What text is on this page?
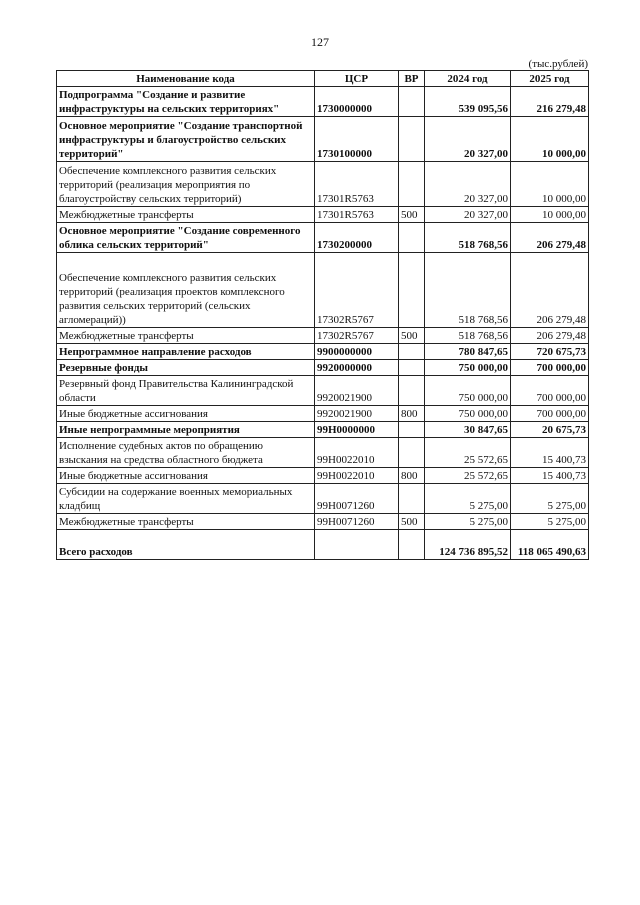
127
(тыс.рублей)
Наименование кода	ЦСР	ВР	2024 год	2025 год
Подпрограмма "Создание и развитие инфраструктуры на сельских территориях"	1730000000		539 095,56	216 279,48
Основное мероприятие "Создание транспортной инфраструктуры и благоустройство сельских территорий"	1730100000		20 327,00	10 000,00
Обеспечение комплексного развития сельских территорий (реализация мероприятия по благоустройству сельских территорий)	17301R5763		20 327,00	10 000,00
Межбюджетные трансферты	17301R5763	500	20 327,00	10 000,00
Основное мероприятие "Создание современного облика сельских территорий"	1730200000		518 768,56	206 279,48
Обеспечение комплексного развития сельских территорий (реализация проектов комплексного развития сельских территорий (сельских агломераций))	17302R5767		518 768,56	206 279,48
Межбюджетные трансферты	17302R5767	500	518 768,56	206 279,48
Непрограммное направление расходов	9900000000		780 847,65	720 675,73
Резервные фонды	9920000000		750 000,00	700 000,00
Резервный фонд Правительства Калининградской области	9920021900		750 000,00	700 000,00
Иные бюджетные ассигнования	9920021900	800	750 000,00	700 000,00
Иные непрограммные мероприятия	99Н0000000		30 847,65	20 675,73
Исполнение судебных актов по обращению взыскания на средства областного бюджета	99Н0022010		25 572,65	15 400,73
Иные бюджетные ассигнования	99Н0022010	800	25 572,65	15 400,73
Субсидии на содержание военных мемориальных кладбищ	99Н0071260		5 275,00	5 275,00
Межбюджетные трансферты	99Н0071260	500	5 275,00	5 275,00
Всего расходов			124 736 895,52	118 065 490,63
